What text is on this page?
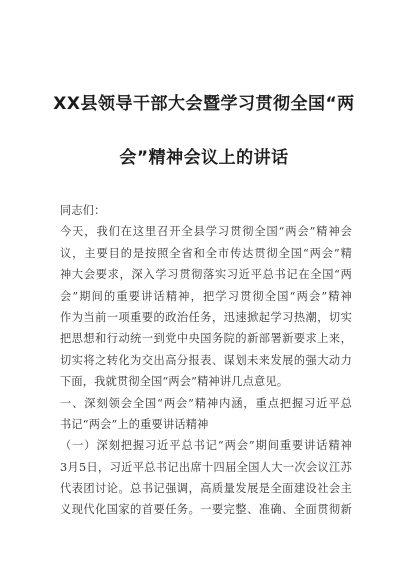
XX县领导干部大会暨学习贯彻全国“两
会”精神会议上的讲话
同志们：
今天，我们在这里召开全县学习贯彻全国“两会”精神会
议，主要目的是按照全省和全市传达贯彻全国“两会”精
神大会要求，深入学习贯彻落实习近平总书记在全国“两
会”期间的重要讲话精神，把学习贯彻全国“两会”精神
作为当前一项重要的政治任务，迅速掀起学习热潮，切实
把思想和行动统一到党中央国务院的新部署新要求上来，
切实将之转化为交出高分报表、谋划未来发展的强大动力
下面，我就贯彻全国“两会”精神讲几点意见。
一、深刻领会全国“两会”精神内涵，重点把握习近平总
书记“两会”上的重要讲话精神
（一）深刻把握习近平总书记“两会”期间重要讲话精神
3月5日，习近平总书记出席十四届全国人大一次会议江苏
代表团讨论。总书记强调，高质量发展是全面建设社会主
义现代化国家的首要任务。一要完整、准确、全面贯彻新
